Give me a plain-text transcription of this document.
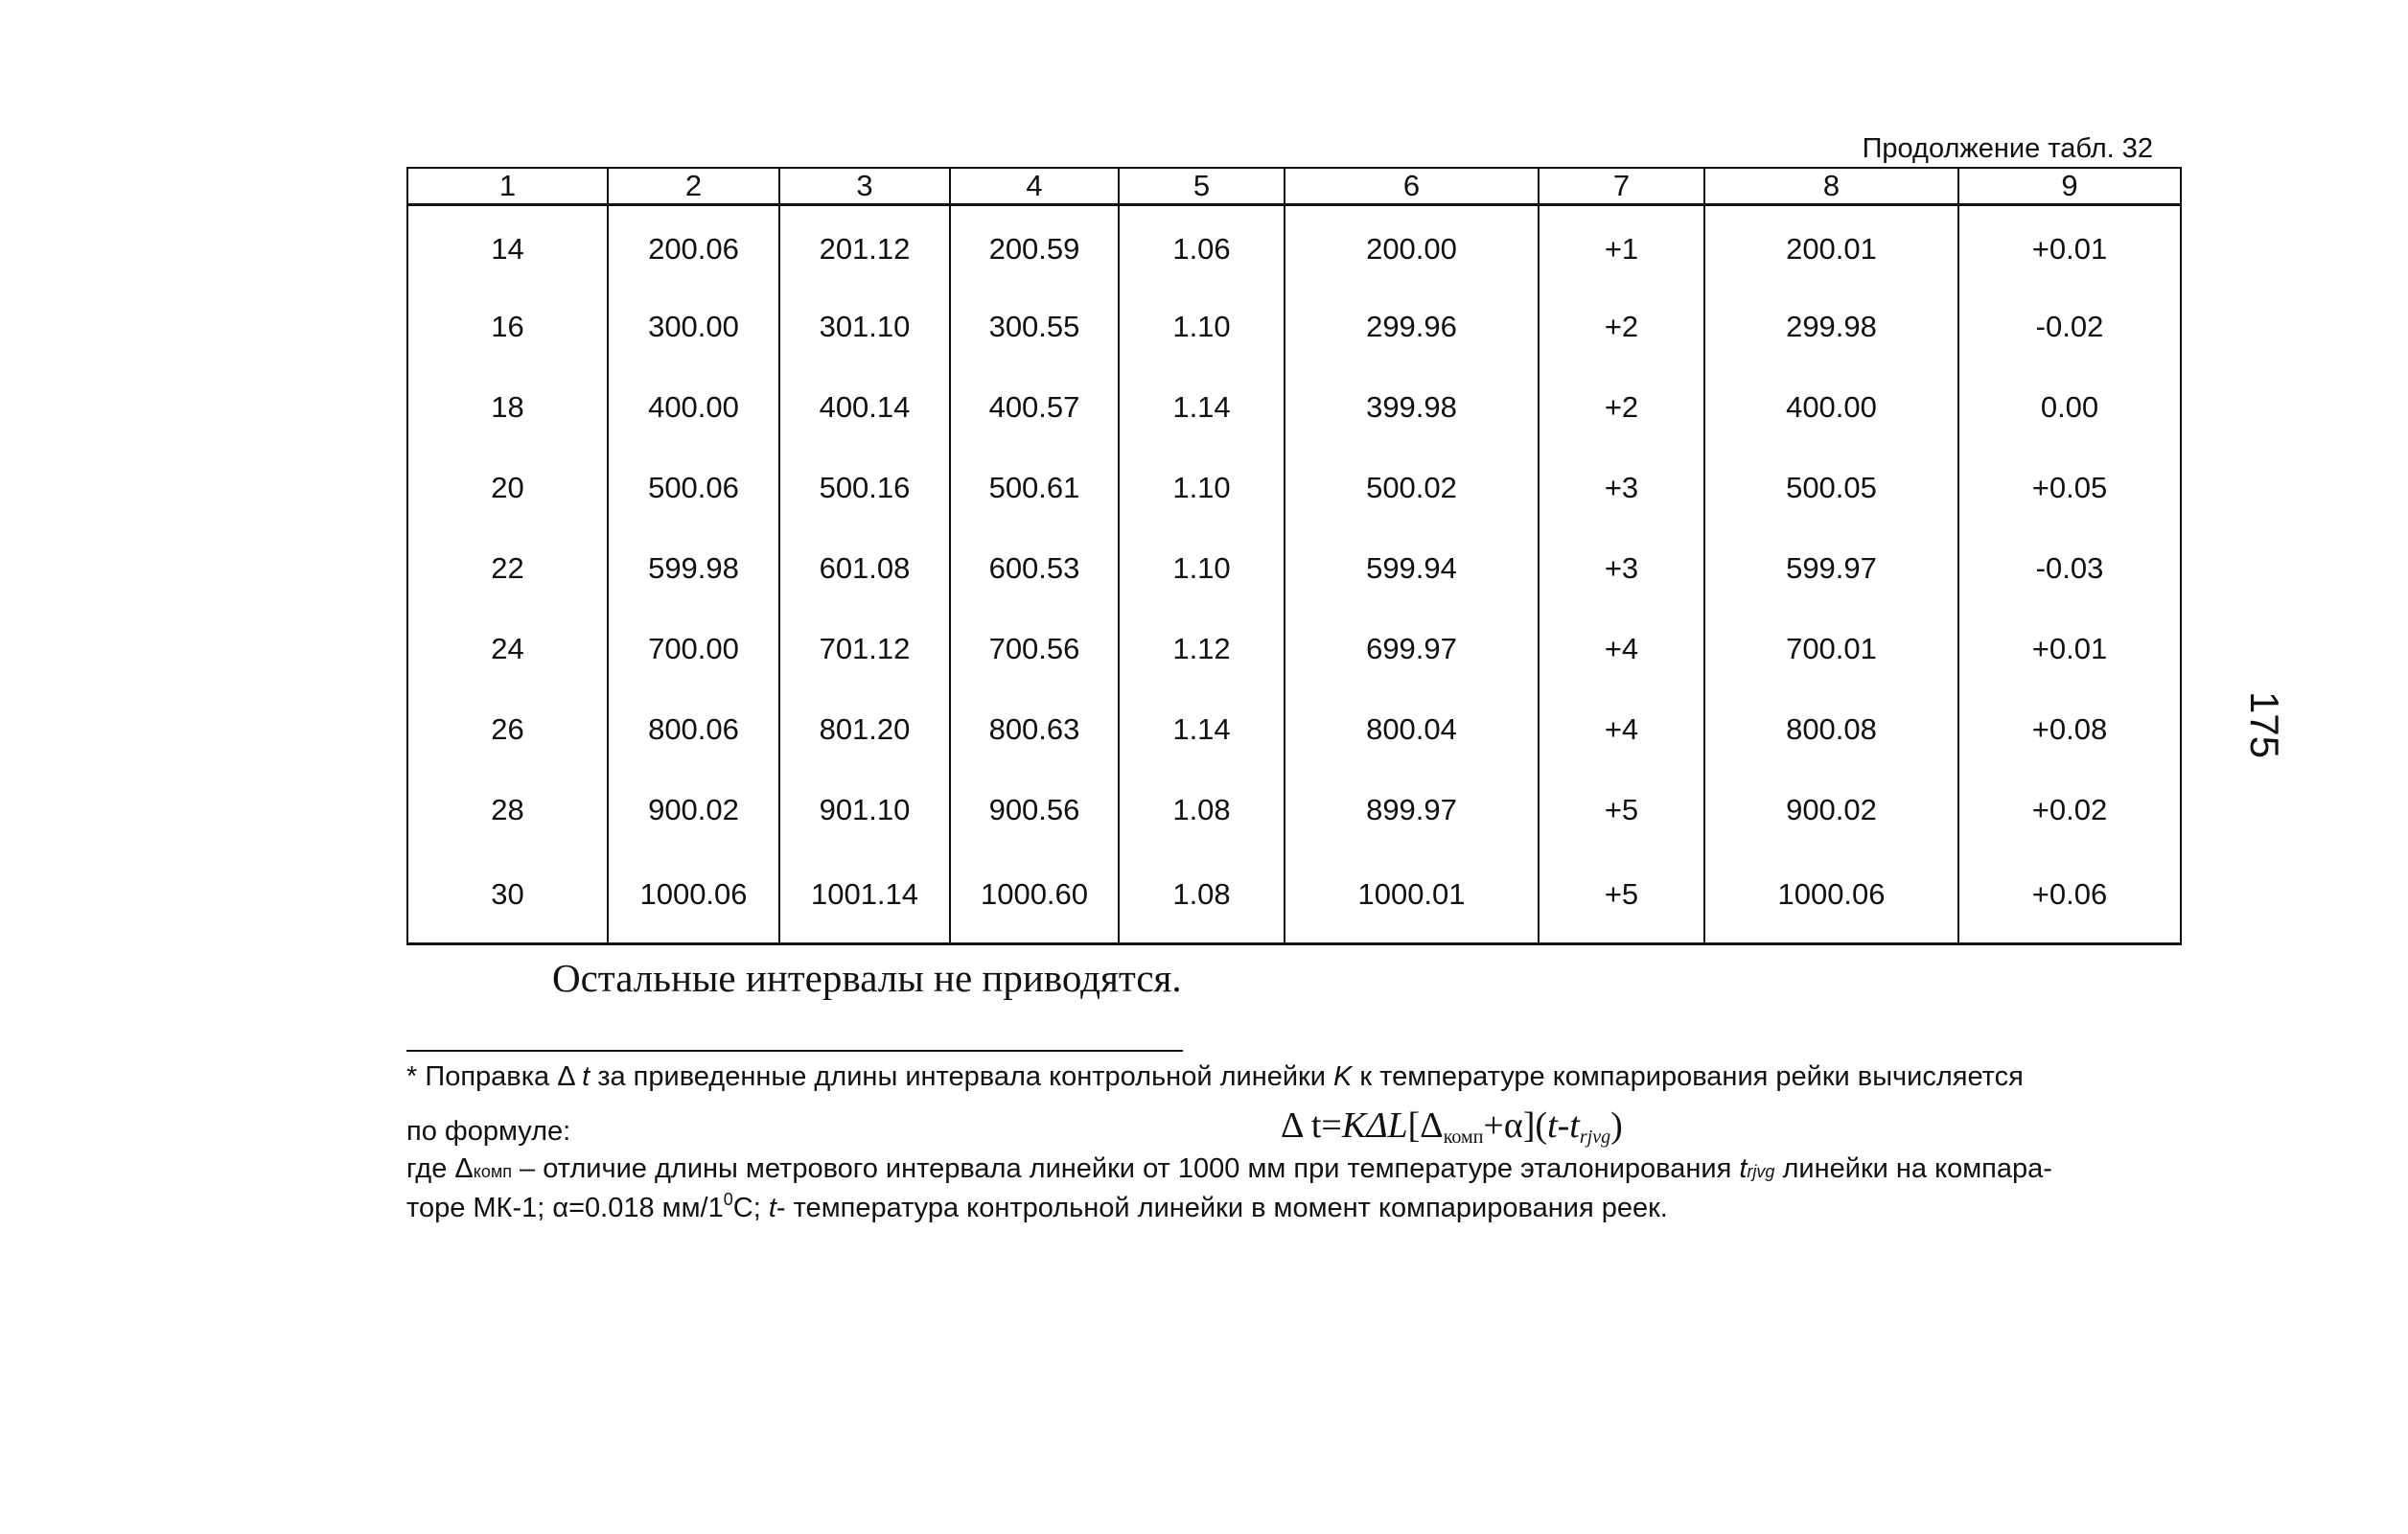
Продолжение табл. 32
1	2	3	4	5	6	7	8	9
14	200.06	201.12	200.59	1.06	200.00	+1	200.01	+0.01
16	300.00	301.10	300.55	1.10	299.96	+2	299.98	-0.02
18	400.00	400.14	400.57	1.14	399.98	+2	400.00	0.00
20	500.06	500.16	500.61	1.10	500.02	+3	500.05	+0.05
22	599.98	601.08	600.53	1.10	599.94	+3	599.97	-0.03
24	700.00	701.12	700.56	1.12	699.97	+4	700.01	+0.01
26	800.06	801.20	800.63	1.14	800.04	+4	800.08	+0.08
28	900.02	901.10	900.56	1.08	899.97	+5	900.02	+0.02
30	1000.06	1001.14	1000.60	1.08	1000.01	+5	1000.06	+0.06
175
Остальные интервалы не приводятся.
* Поправка Δ t за приведенные длины интервала контрольной линейки K к температуре компарирования рейки вычисляется
по формуле:	Δ $t=K\Delta L[\Delta_{комп}+\alpha](t-t_{rjvg})$
где Δкомп – отличие длины метрового интервала линейки от 1000 мм при температуре эталонирования trjvg линейки на компара-
торе МК-1; α=0.018 $мм/1^0С$; t- температура контрольной линейки в момент компарирования реек.
